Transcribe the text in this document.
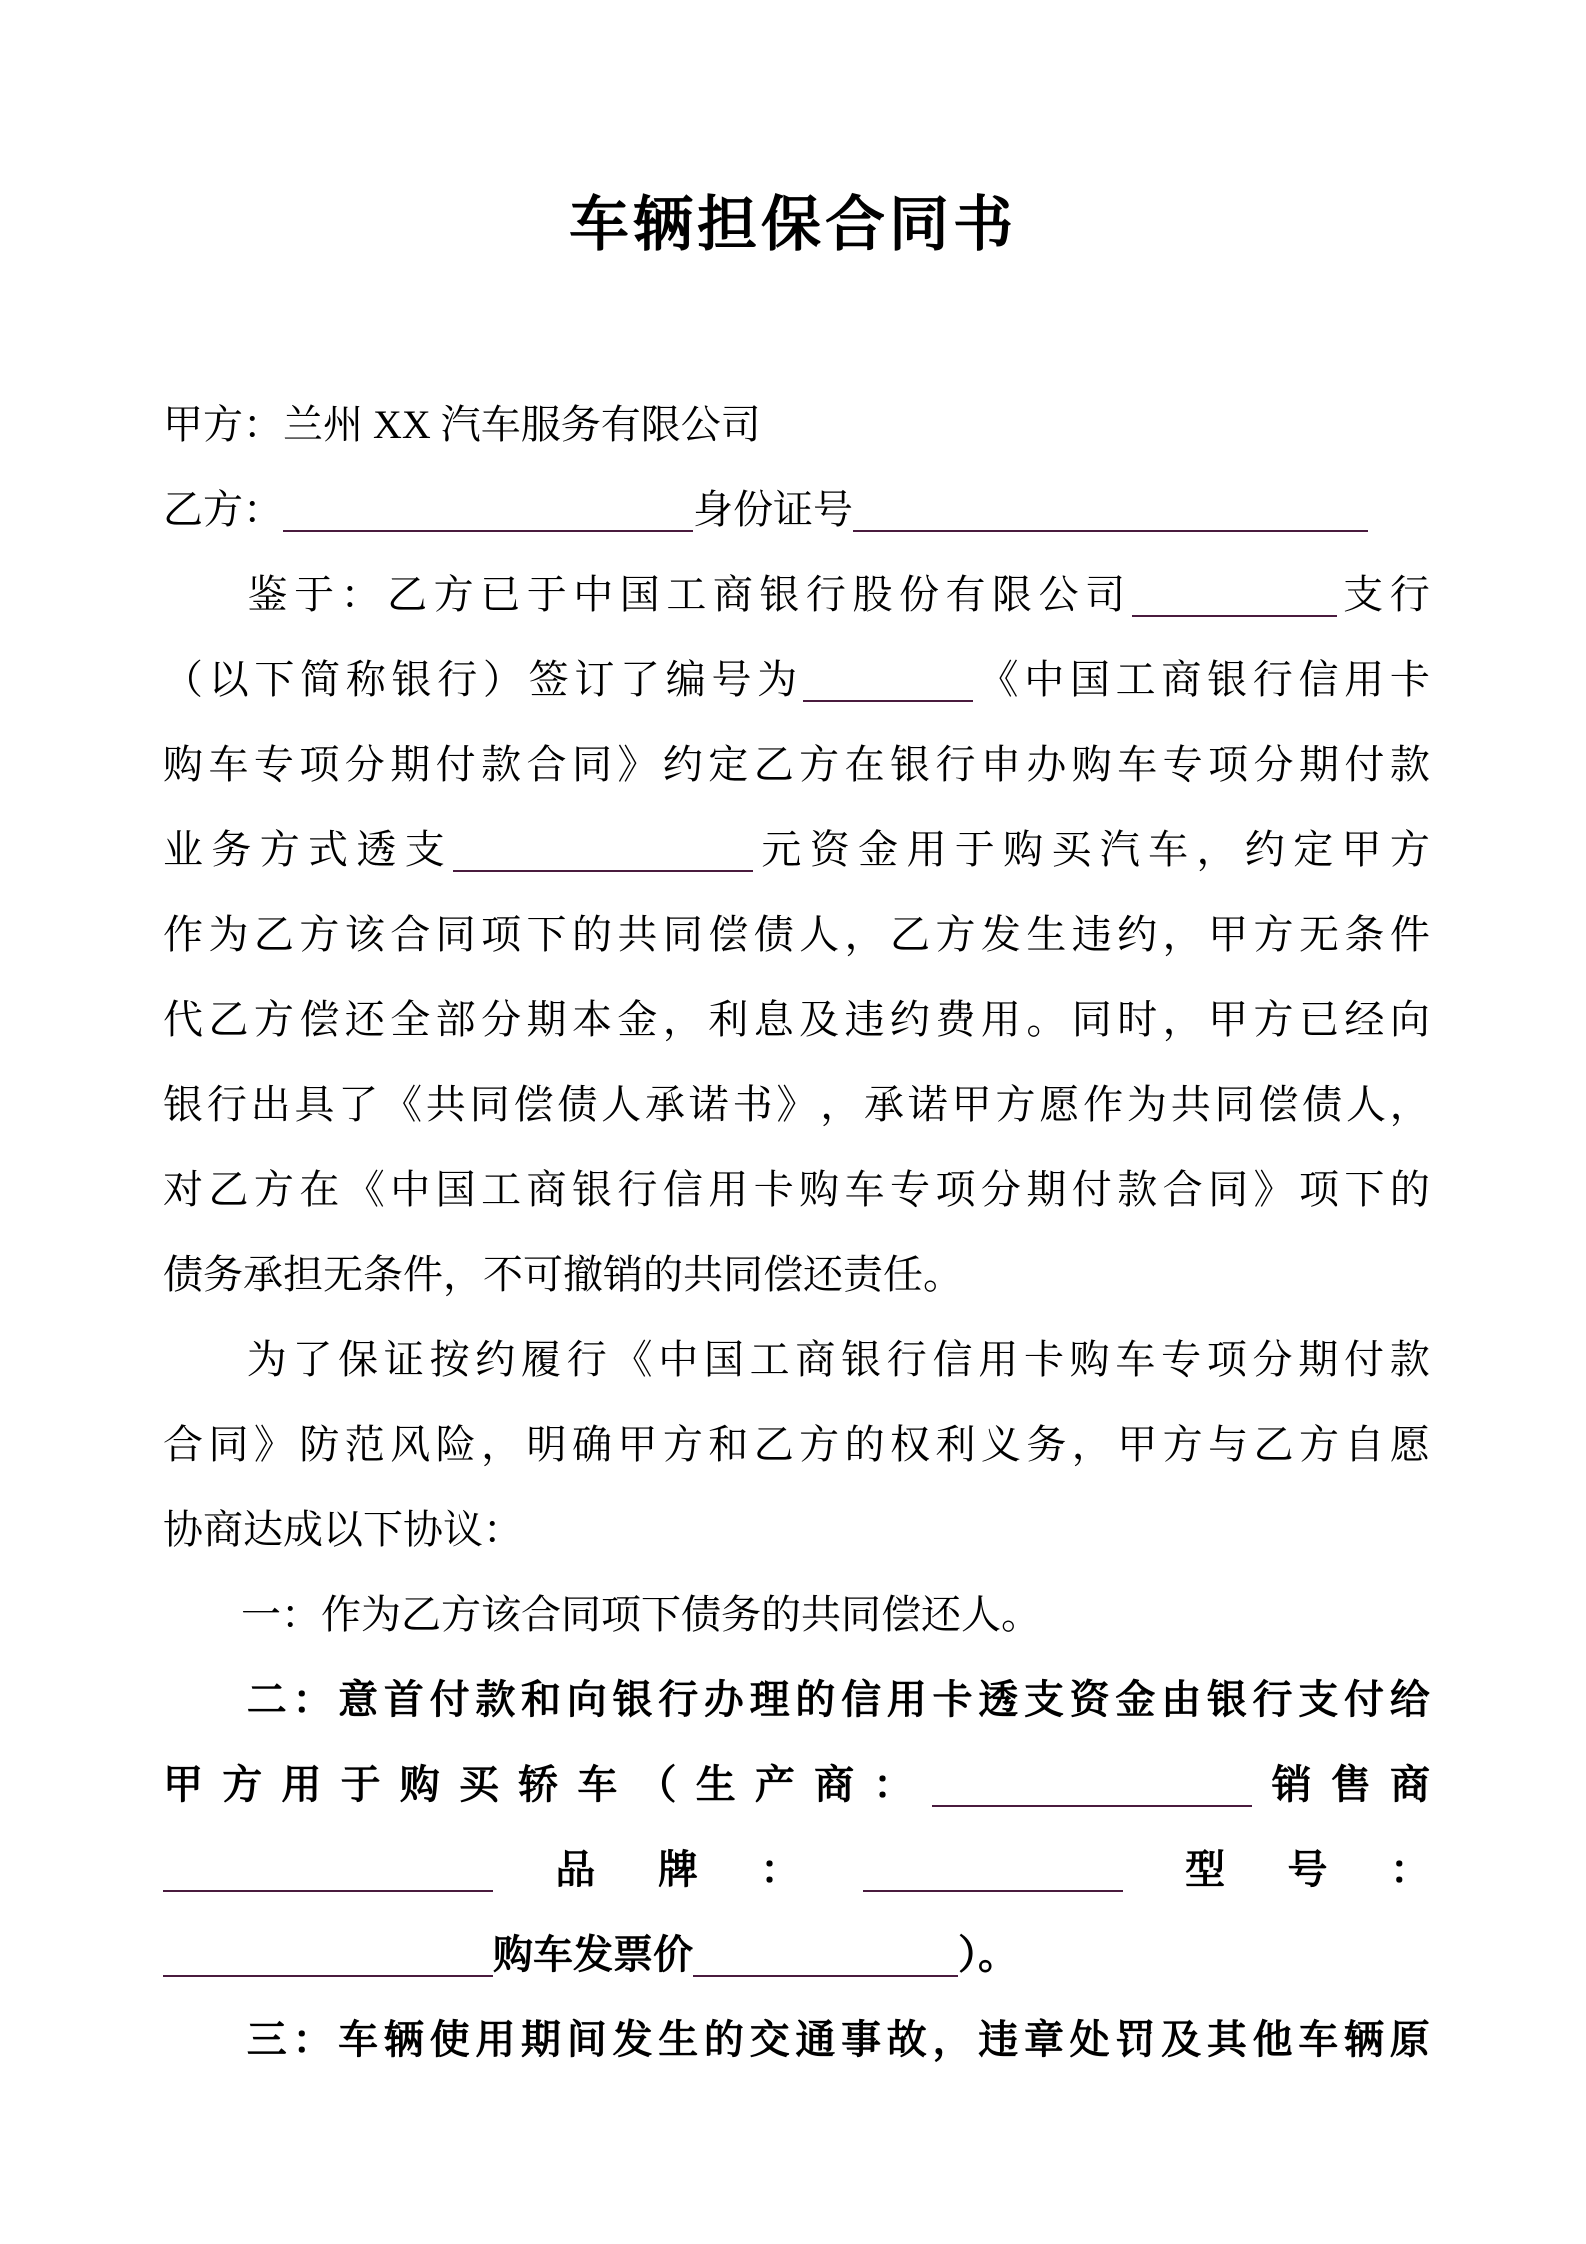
车辆担保合同书
甲方：兰州 XX 汽车服务有限公司
乙方：	身份证号
鉴 于 ： 乙 方 已 于 中 国 工 商 银 行 股 份 有 限 公 司	支 行
（ 以 下 简 称 银 行 ） 签 订 了 编 号 为	《 中 国 工 商 银 行 信 用 卡
购 车 专 项 分 期 付 款 合 同 》 约 定 乙 方 在 银 行 申 办 购 车 专 项 分 期 付 款
业 务 方 式 透 支	元 资 金 用 于 购 买 汽 车 ， 约 定 甲 方
作 为 乙 方 该 合 同 项 下 的 共 同 偿 债 人 ， 乙 方 发 生 违 约 ， 甲 方 无 条 件
代 乙 方 偿 还 全 部 分 期 本 金 ， 利 息 及 违 约 费 用 。 同 时 ， 甲 方 已 经 向
银 行 出 具 了 《 共 同 偿 债 人 承 诺 书 》 ， 承 诺 甲 方 愿 作 为 共 同 偿 债 人 ，
对 乙 方 在 《 中 国 工 商 银 行 信 用 卡 购 车 专 项 分 期 付 款 合 同 》 项 下 的
债务承担无条件，不可撤销的共同偿还责任。
为 了 保 证 按 约 履 行 《 中 国 工 商 银 行 信 用 卡 购 车 专 项 分 期 付 款
合 同 》 防 范 风 险 ， 明 确 甲 方 和 乙 方 的 权 利 义 务 ， 甲 方 与 乙 方 自 愿
协商达成以下协议：
一：作为乙方该合同项下债务的共同偿还人。
二 ： 意 首 付 款 和 向 银 行 办 理 的 信 用 卡 透 支 资 金 由 银 行 支 付 给
甲 方 用 于 购 买 轿 车 （ 生 产 商 ：	销 售 商
品 牌 ：	型 号 ：
购车发票价	）。
三 ： 车 辆 使 用 期 间 发 生 的 交 通 事 故 ， 违 章 处 罚 及 其 他 车 辆 原
